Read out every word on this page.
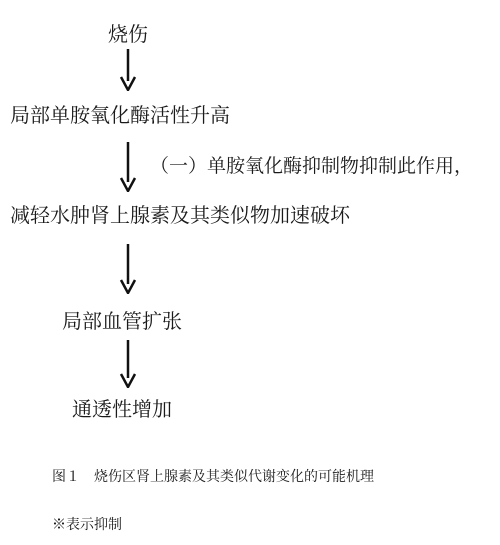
烧伤
局部单胺氧化酶活性升高
（一）单胺氧化酶抑制物抑制此作用，
减轻水肿肾上腺素及其类似物加速破坏
局部血管扩张
通透性增加
图１　烧伤区肾上腺素及其类似代谢变化的可能机理
※表示抑制
